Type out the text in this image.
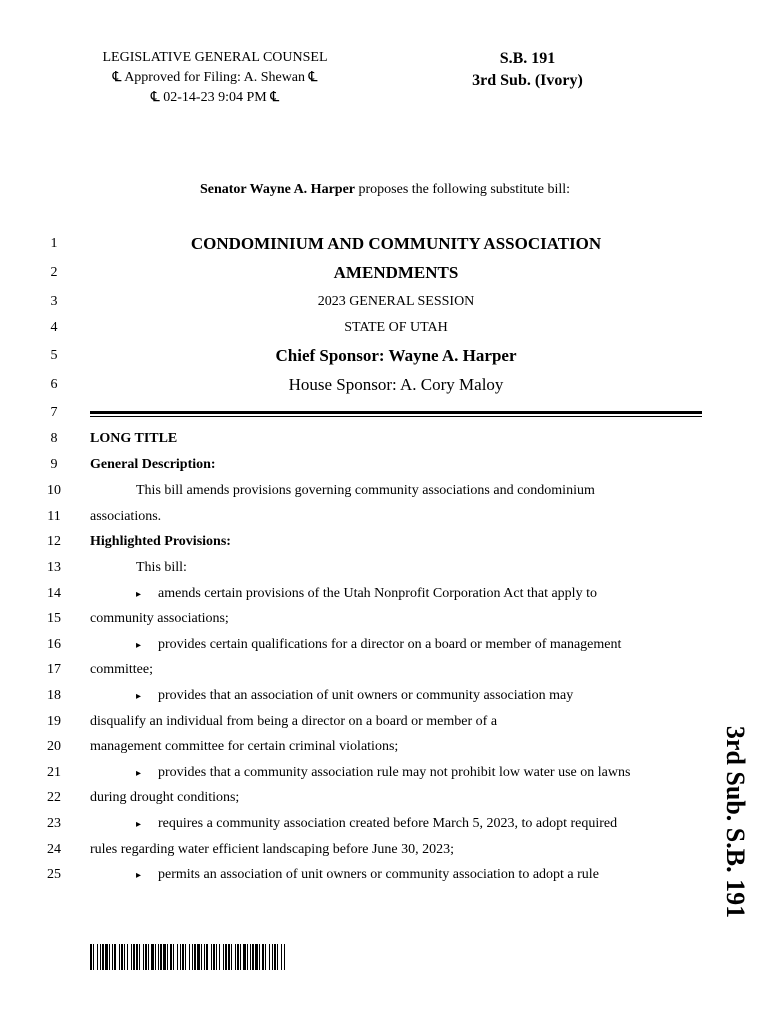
LEGISLATIVE GENERAL COUNSEL
℄ Approved for Filing: A. Shewan ℄
℄ 02-14-23 9:04 PM ℄
S.B. 191
3rd Sub. (Ivory)
Senator Wayne A. Harper proposes the following substitute bill:
1
2
3
4
5
6
7
8
9
10
11
12
13
14
15
16
17
18
19
20
21
22
23
24
25
CONDOMINIUM AND COMMUNITY ASSOCIATION
AMENDMENTS
2023 GENERAL SESSION
STATE OF UTAH
Chief Sponsor: Wayne A. Harper
House Sponsor: A. Cory Maloy
LONG TITLE
General Description:
This bill amends provisions governing community associations and condominium
associations.
Highlighted Provisions:
This bill:
▸ amends certain provisions of the Utah Nonprofit Corporation Act that apply to
community associations;
▸ provides certain qualifications for a director on a board or member of management
committee;
▸ provides that an association of unit owners or community association may
disqualify an individual from being a director on a board or member of a
management committee for certain criminal violations;
▸ provides that a community association rule may not prohibit low water use on lawns
during drought conditions;
▸ requires a community association created before March 5, 2023, to adopt required
rules regarding water efficient landscaping before June 30, 2023;
▸ permits an association of unit owners or community association to adopt a rule	3rd Sub. S.B. 191
